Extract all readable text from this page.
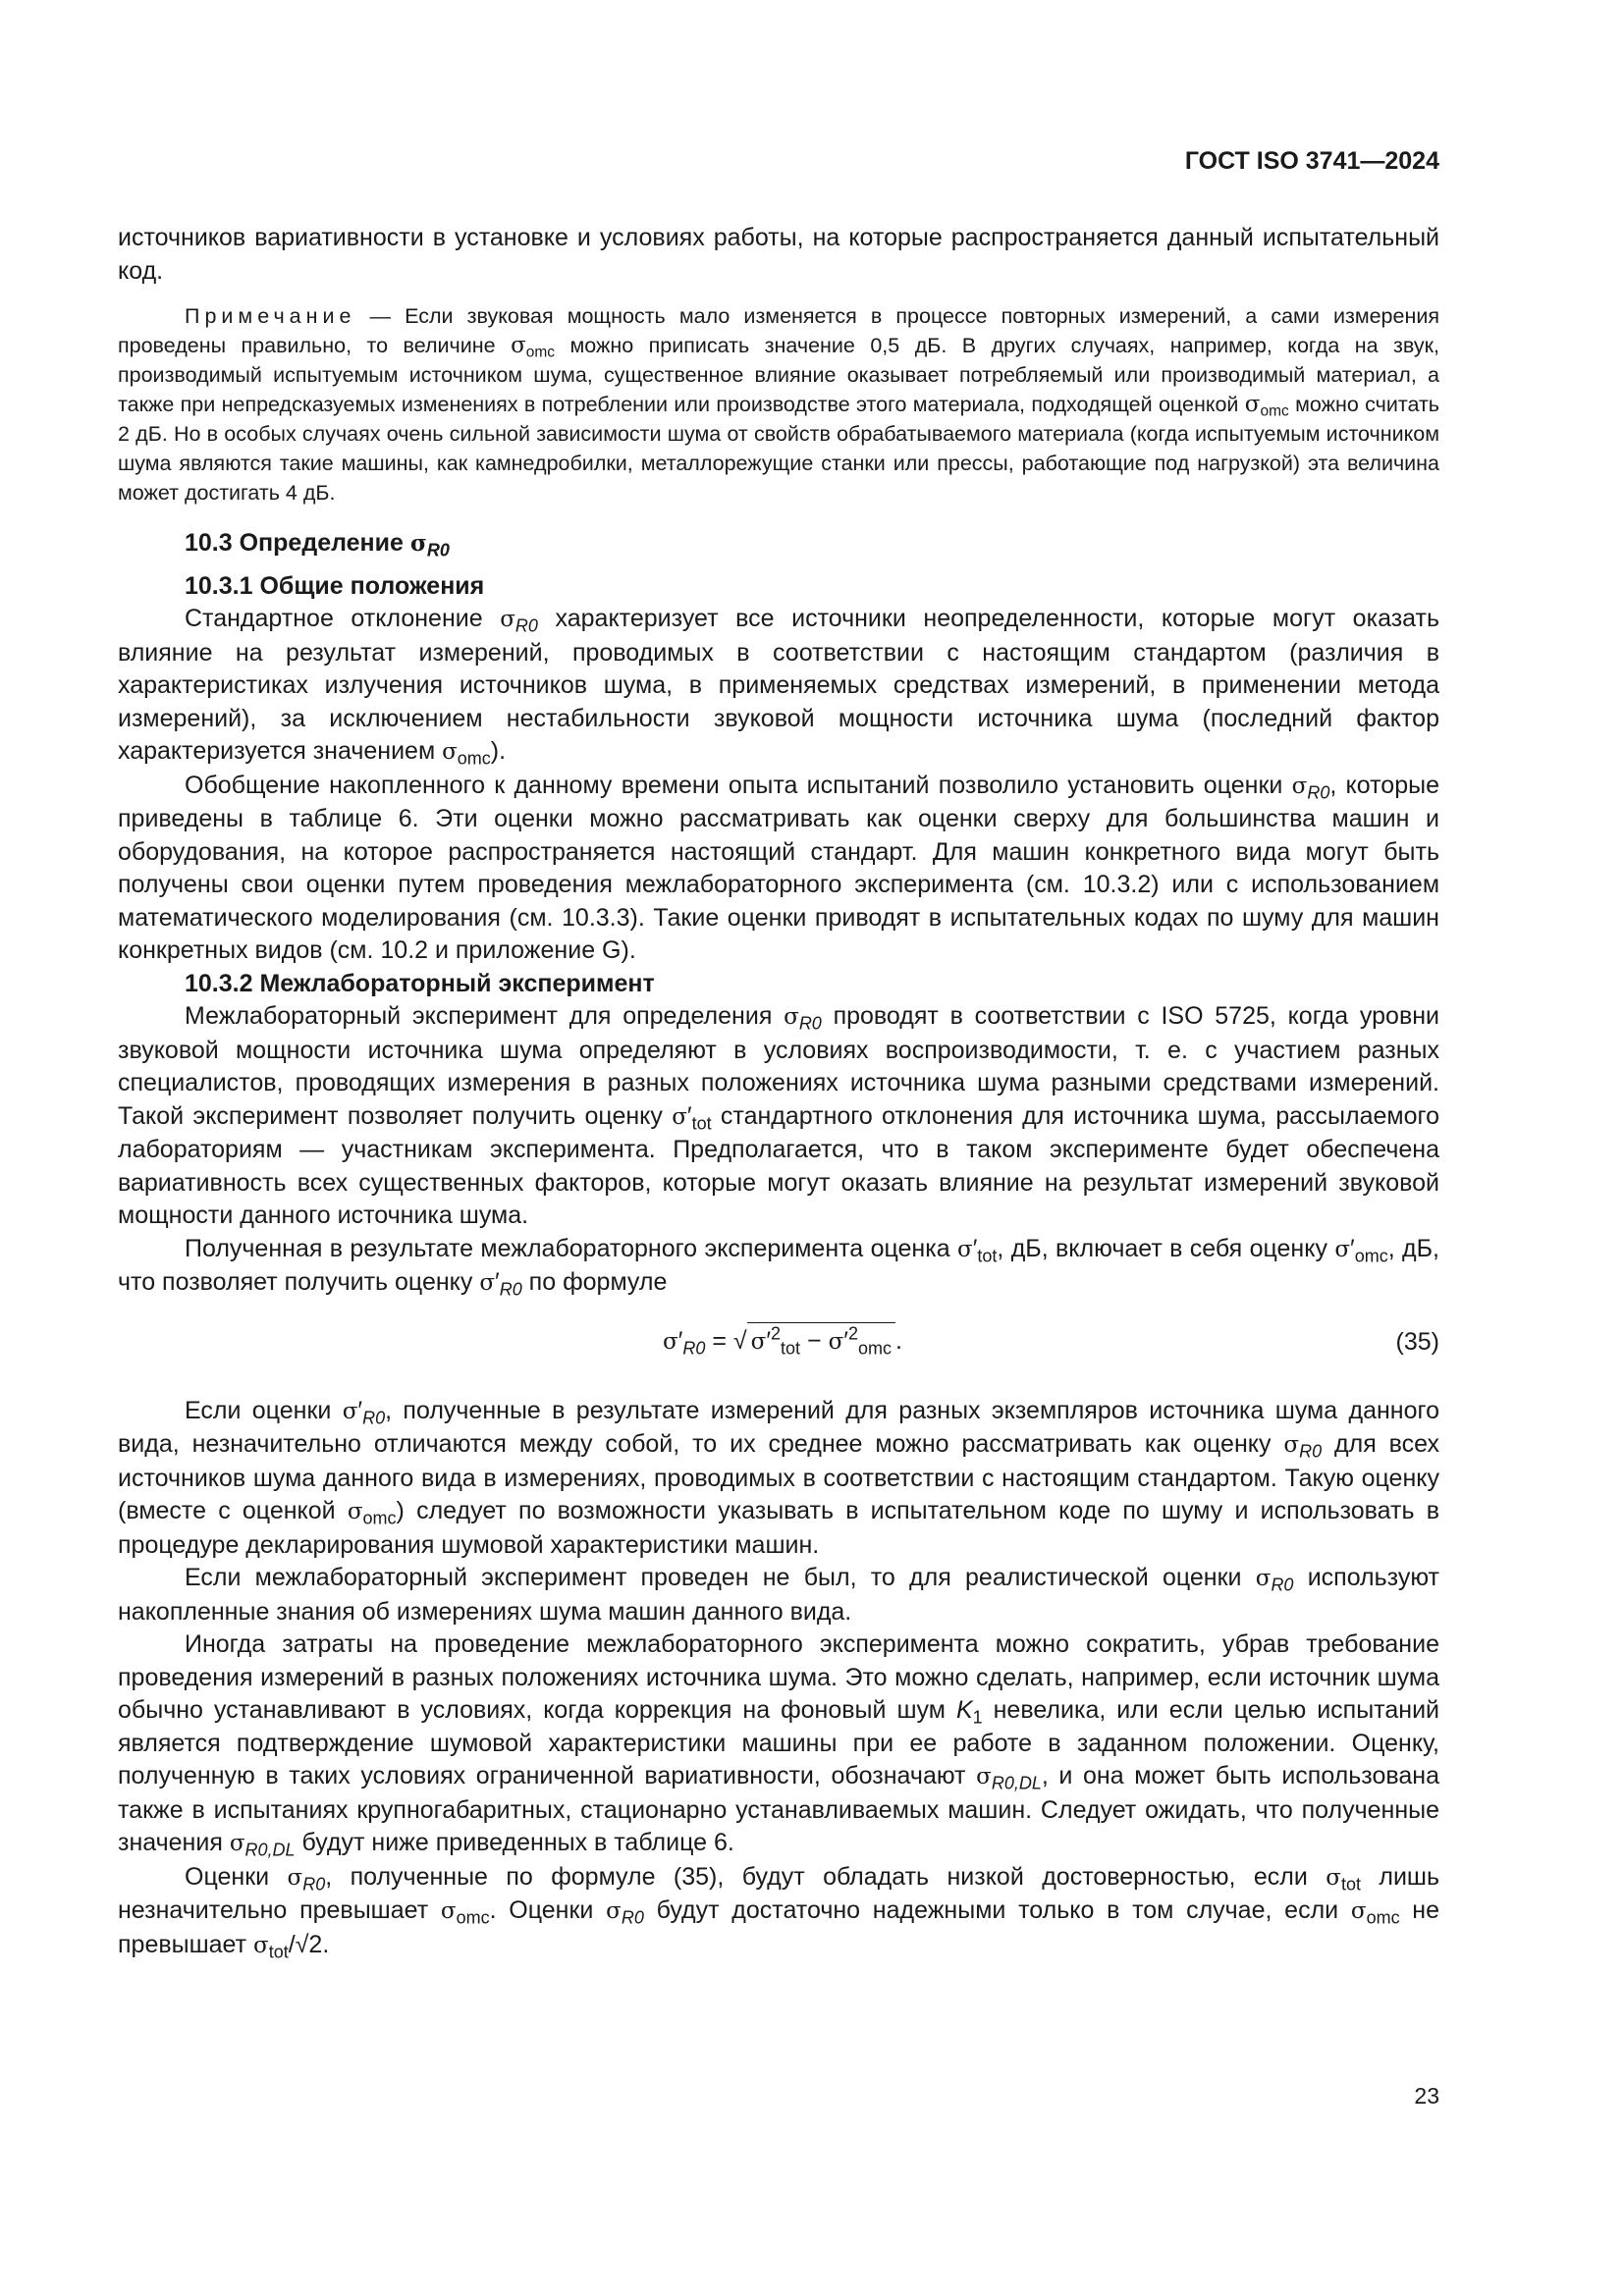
ГОСТ ISO 3741—2024

источников вариативности в установке и условиях работы, на которые распространяется данный испытательный код.

Примечание — Если звуковая мощность мало изменяется в процессе повторных измерений, а сами измерения проведены правильно, то величине $\sigma_{omc}$ можно приписать значение 0,5 дБ. В других случаях, например, когда на звук, производимый испытуемым источником шума, существенное влияние оказывает потребляемый или производимый материал, а также при непредсказуемых изменениях в потреблении или производстве этого материала, подходящей оценкой $\sigma_{omc}$ можно считать 2 дБ. Но в особых случаях очень сильной зависимости шума от свойств обрабатываемого материала (когда испытуемым источником шума являются такие машины, как камнедробилки, металлорежущие станки или прессы, работающие под нагрузкой) эта величина может достигать 4 дБ.

10.3 Определение $\sigma_{R0}$

10.3.1 Общие положения

Стандартное отклонение $\sigma_{R0}$ характеризует все источники неопределенности, которые могут оказать влияние на результат измерений, проводимых в соответствии с настоящим стандартом (различия в характеристиках излучения источников шума, в применяемых средствах измерений, в применении метода измерений), за исключением нестабильности звуковой мощности источника шума (последний фактор характеризуется значением $\sigma_{omc}$).

Обобщение накопленного к данному времени опыта испытаний позволило установить оценки $\sigma_{R0}$, которые приведены в таблице 6. Эти оценки можно рассматривать как оценки сверху для большинства машин и оборудования, на которое распространяется настоящий стандарт. Для машин конкретного вида могут быть получены свои оценки путем проведения межлабораторного эксперимента (см. 10.3.2) или с использованием математического моделирования (см. 10.3.3). Такие оценки приводят в испытательных кодах по шуму для машин конкретных видов (см. 10.2 и приложение G).

10.3.2 Межлабораторный эксперимент

Межлабораторный эксперимент для определения $\sigma_{R0}$ проводят в соответствии с ISO 5725, когда уровни звуковой мощности источника шума определяют в условиях воспроизводимости, т. е. с участием разных специалистов, проводящих измерения в разных положениях источника шума разными средствами измерений. Такой эксперимент позволяет получить оценку $\sigma'_{tot}$ стандартного отклонения для источника шума, рассылаемого лабораториям — участникам эксперимента. Предполагается, что в таком эксперименте будет обеспечена вариативность всех существенных факторов, которые могут оказать влияние на результат измерений звуковой мощности данного источника шума.

Полученная в результате межлабораторного эксперимента оценка $\sigma'_{tot}$, дБ, включает в себя оценку $\sigma'_{omc}$, дБ, что позволяет получить оценку $\sigma'_{R0}$ по формуле

$\sigma'_{R0}$ = √ $\sigma'^2_{tot} - \sigma'^2_{omc}$ .	(35)

Если оценки $\sigma'_{R0}$, полученные в результате измерений для разных экземпляров источника шума данного вида, незначительно отличаются между собой, то их среднее можно рассматривать как оценку $\sigma_{R0}$ для всех источников шума данного вида в измерениях, проводимых в соответствии с настоящим стандартом. Такую оценку (вместе с оценкой $\sigma_{omc}$) следует по возможности указывать в испытательном коде по шуму и использовать в процедуре декларирования шумовой характеристики машин.

Если межлабораторный эксперимент проведен не был, то для реалистической оценки $\sigma_{R0}$ используют накопленные знания об измерениях шума машин данного вида.

Иногда затраты на проведение межлабораторного эксперимента можно сократить, убрав требование проведения измерений в разных положениях источника шума. Это можно сделать, например, если источник шума обычно устанавливают в условиях, когда коррекция на фоновый шум $K_1$ невелика, или если целью испытаний является подтверждение шумовой характеристики машины при ее работе в заданном положении. Оценку, полученную в таких условиях ограниченной вариативности, обозначают $\sigma_{R0,DL}$, и она может быть использована также в испытаниях крупногабаритных, стационарно устанавливаемых машин. Следует ожидать, что полученные значения $\sigma_{R0,DL}$ будут ниже приведенных в таблице 6.

Оценки $\sigma_{R0}$, полученные по формуле (35), будут обладать низкой достоверностью, если $\sigma_{tot}$ лишь незначительно превышает $\sigma_{omc}$. Оценки $\sigma_{R0}$ будут достаточно надежными только в том случае, если $\sigma_{omc}$ не превышает $\sigma_{tot}/√2$.

23
